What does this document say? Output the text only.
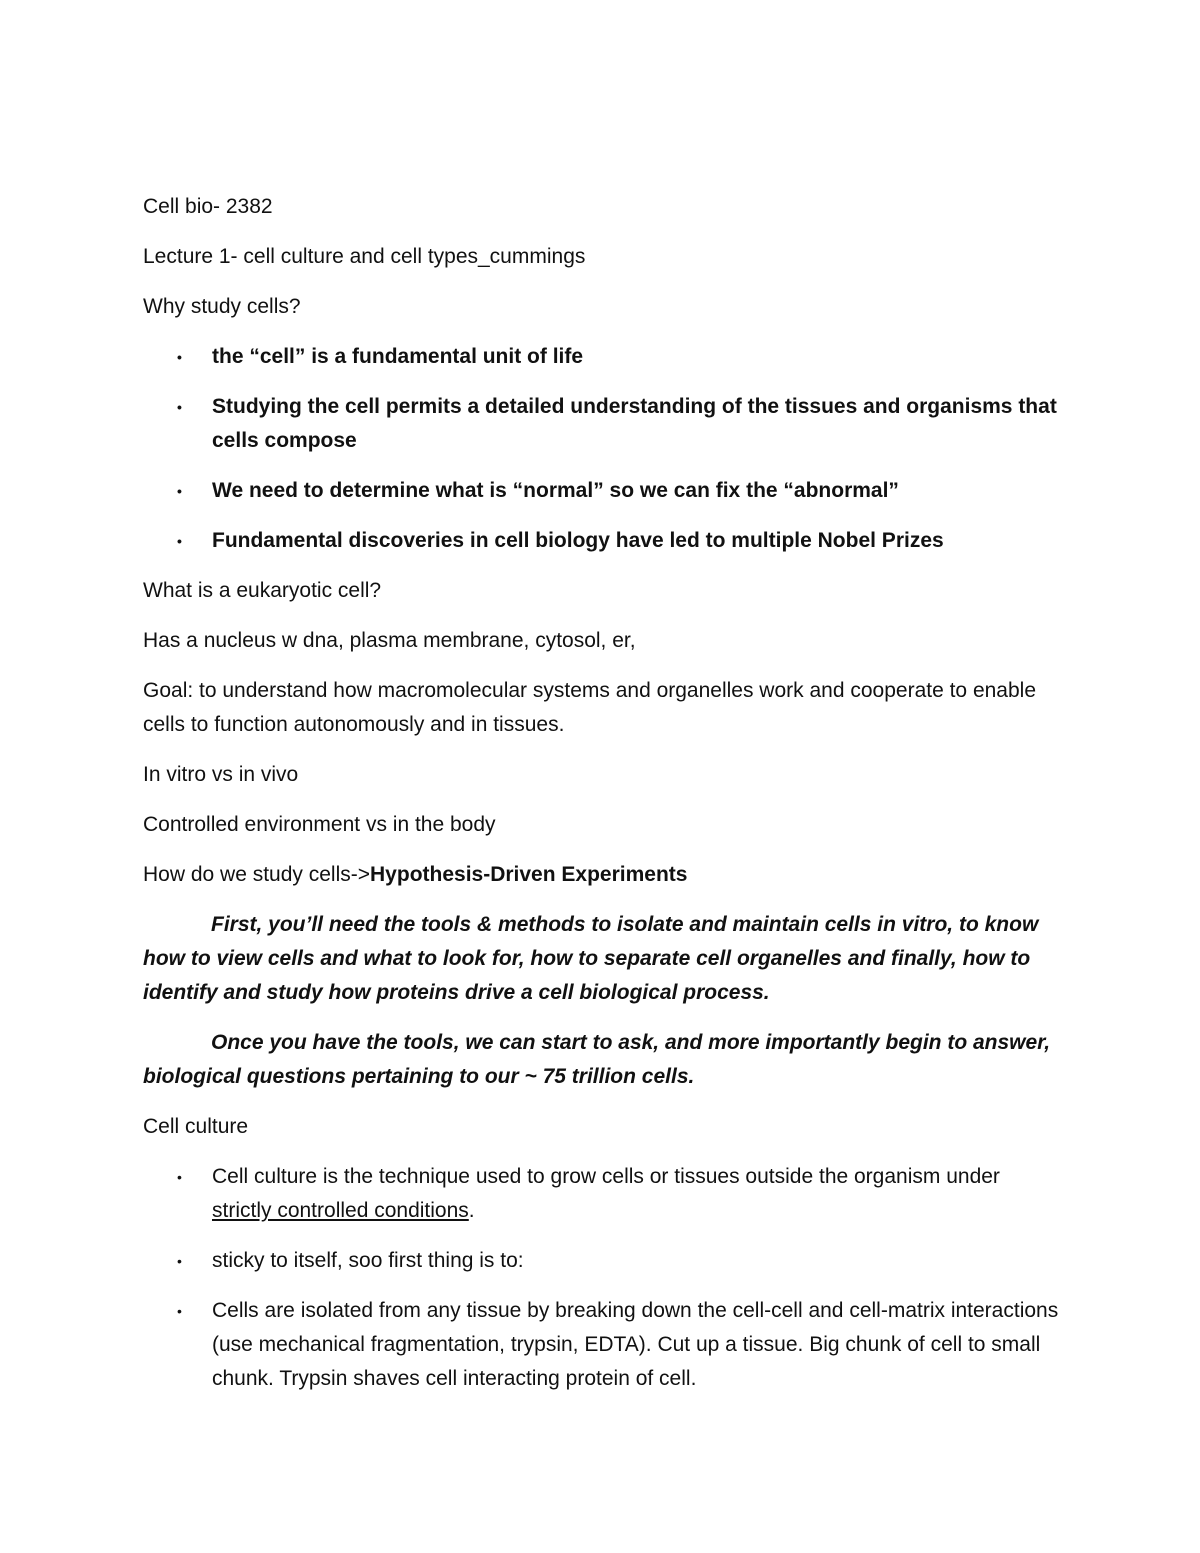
Cell bio- 2382

Lecture 1- cell culture and cell types_cummings

Why study cells?

• the “cell” is a fundamental unit of life
• Studying the cell permits a detailed understanding of the tissues and organisms that cells compose
• We need to determine what is “normal” so we can fix the “abnormal”
• Fundamental discoveries in cell biology have led to multiple Nobel Prizes

What is a eukaryotic cell?

Has a nucleus w dna, plasma membrane, cytosol, er,

Goal: to understand how macromolecular systems and organelles work and cooperate to enable cells to function autonomously and in tissues.

In vitro vs in vivo

Controlled environment vs in the body

How do we study cells->Hypothesis-Driven Experiments

First, you’ll need the tools & methods to isolate and maintain cells in vitro, to know how to view cells and what to look for, how to separate cell organelles and finally, how to identify and study how proteins drive a cell biological process.

Once you have the tools, we can start to ask, and more importantly begin to answer, biological questions pertaining to our ~ 75 trillion cells.

Cell culture

• Cell culture is the technique used to grow cells or tissues outside the organism under strictly controlled conditions.
• sticky to itself, soo first thing is to:
• Cells are isolated from any tissue by breaking down the cell-cell and cell-matrix interactions (use mechanical fragmentation, trypsin, EDTA). Cut up a tissue. Big chunk of cell to small chunk. Trypsin shaves cell interacting protein of cell.
